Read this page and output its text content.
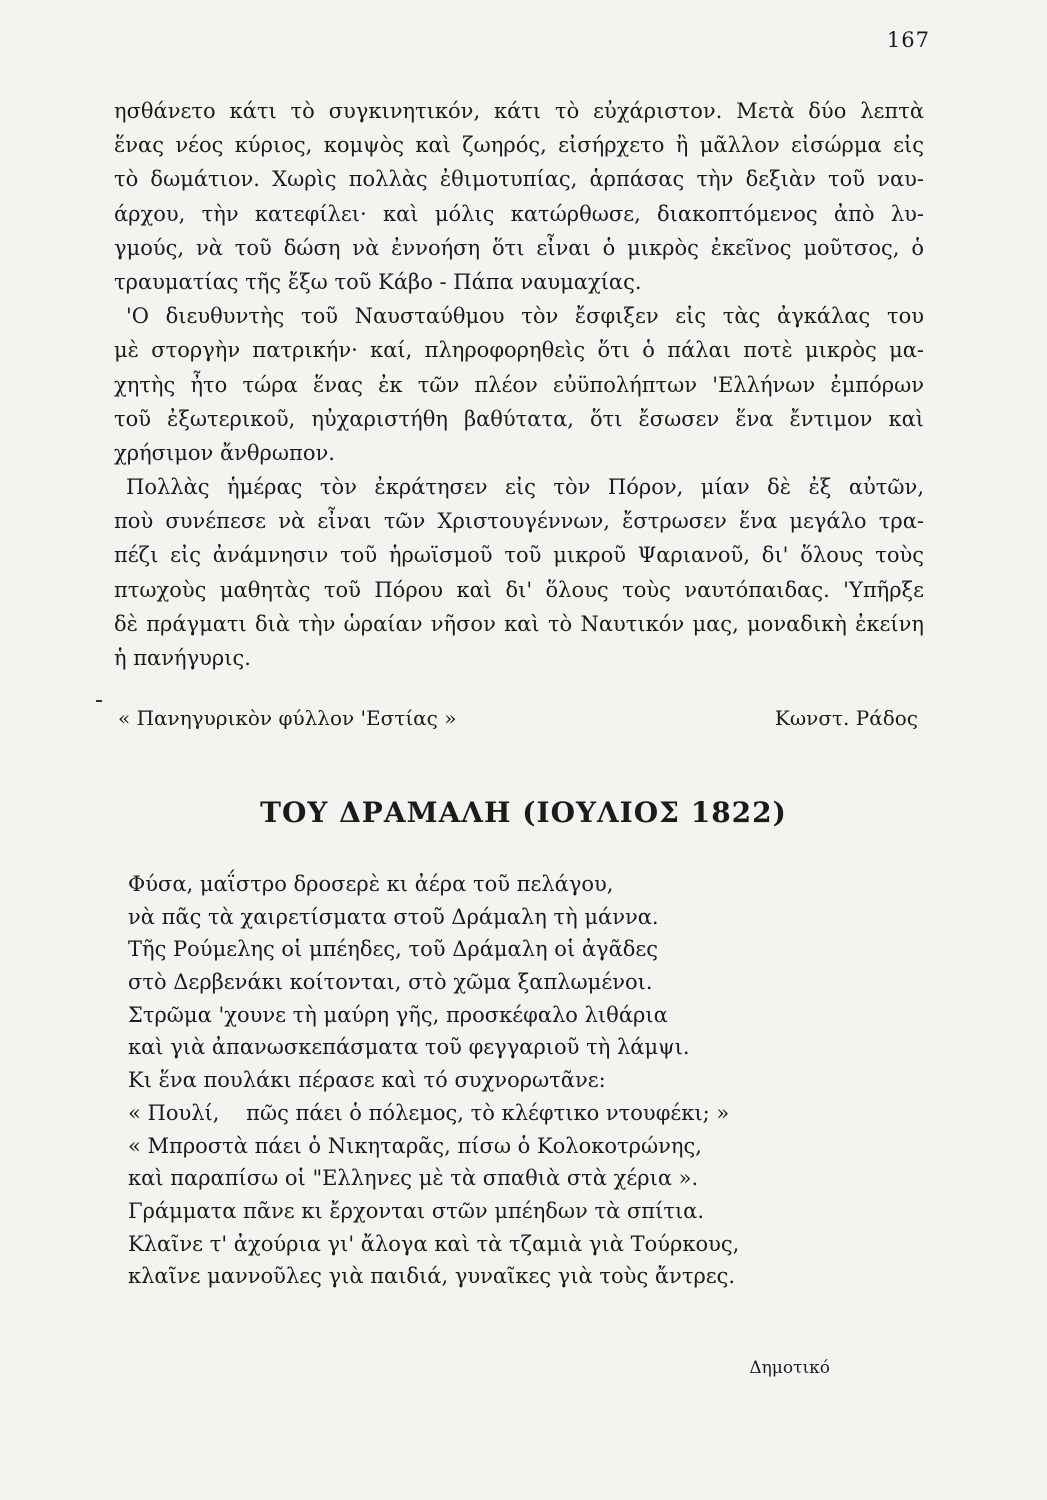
167
ησθάνετο κάτι τὸ συγκινητικόν, κάτι τὸ εὐχάριστον. Μετὰ δύο λεπτὰ
ἕνας νέος κύριος, κομψὸς καὶ ζωηρός, εἰσήρχετο ἢ μᾶλλον εἰσώρμα εἰς
τὸ δωμάτιον. Χωρὶς πολλὰς ἐθιμοτυπίας, ἁρπάσας τὴν δεξιὰν τοῦ ναυ-
άρχου, τὴν κατεφίλει· καὶ μόλις κατώρθωσε, διακοπτόμενος ἀπὸ λυ-
γμούς, νὰ τοῦ δώση νὰ ἐννοήση ὅτι εἶναι ὁ μικρὸς ἐκεῖνος μοῦτσος, ὁ
τραυματίας τῆς ἔξω τοῦ Κάβο - Πάπα ναυμαχίας.
'Ο διευθυντὴς τοῦ Ναυσταύθμου τὸν ἔσφιξεν εἰς τὰς ἀγκάλας του
μὲ στοργὴν πατρικήν· καί, πληροφορηθεὶς ὅτι ὁ πάλαι ποτὲ μικρὸς μα-
χητὴς ἦτο τώρα ἕνας ἐκ τῶν πλέον εὐϋπολήπτων 'Ελλήνων ἐμπόρων
τοῦ ἐξωτερικοῦ, ηὐχαριστήθη βαθύτατα, ὅτι ἔσωσεν ἕνα ἔντιμον καὶ
χρήσιμον ἄνθρωπον.
Πολλὰς ἡμέρας τὸν ἐκράτησεν εἰς τὸν Πόρον, μίαν δὲ ἐξ αὐτῶν,
ποὺ συνέπεσε νὰ εἶναι τῶν Χριστουγέννων, ἔστρωσεν ἕνα μεγάλο τρα-
πέζι εἰς ἀνάμνησιν τοῦ ἡρωϊσμοῦ τοῦ μικροῦ Ψαριανοῦ, δι' ὅλους τοὺς
πτωχοὺς μαθητὰς τοῦ Πόρου καὶ δι' ὅλους τοὺς ναυτόπαιδας. 'Υπῆρξε
δὲ πράγματι διὰ τὴν ὡραίαν νῆσον καὶ τὸ Ναυτικόν μας, μοναδικὴ ἐκείνη
ἡ πανήγυρις.
« Πανηγυρικὸν φύλλον 'Εστίας »	Κωνστ. Ράδος
ΤΟΥ ΔΡΑΜΑΛΗ (ΙΟΥΛΙΟΣ 1822)
Φύσα, μαΐστρο δροσερὲ κι ἀέρα τοῦ πελάγου,
νὰ πᾶς τὰ χαιρετίσματα στοῦ Δράμαλη τὴ μάννα.
Τῆς Ρούμελης οἱ μπέηδες, τοῦ Δράμαλη οἱ ἀγᾶδες
στὸ Δερβενάκι κοίτονται, στὸ χῶμα ξαπλωμένοι.
Στρῶμα 'χουνε τὴ μαύρη γῆς, προσκέφαλο λιθάρια
καὶ γιὰ ἀπανωσκεπάσματα τοῦ φεγγαριοῦ τὴ λάμψι.
Κι ἕνα πουλάκι πέρασε καὶ τό συχνορωτᾶνε:
« Πουλί,    πῶς πάει ὁ πόλεμος, τὸ κλέφτικο ντουφέκι; »
« Μπροστὰ πάει ὁ Νικηταρᾶς, πίσω ὁ Κολοκοτρώνης,
καὶ παραπίσω οἱ "Ελληνες μὲ τὰ σπαθιὰ στὰ χέρια ».
Γράμματα πᾶνε κι ἔρχονται στῶν μπέηδων τὰ σπίτια.
Κλαῖνε τ' ἀχούρια γι' ἄλογα καὶ τὰ τζαμιὰ γιὰ Τούρκους,
κλαῖνε μαννοῦλες γιὰ παιδιά, γυναῖκες γιὰ τοὺς ἄντρες.
Δημοτικό
